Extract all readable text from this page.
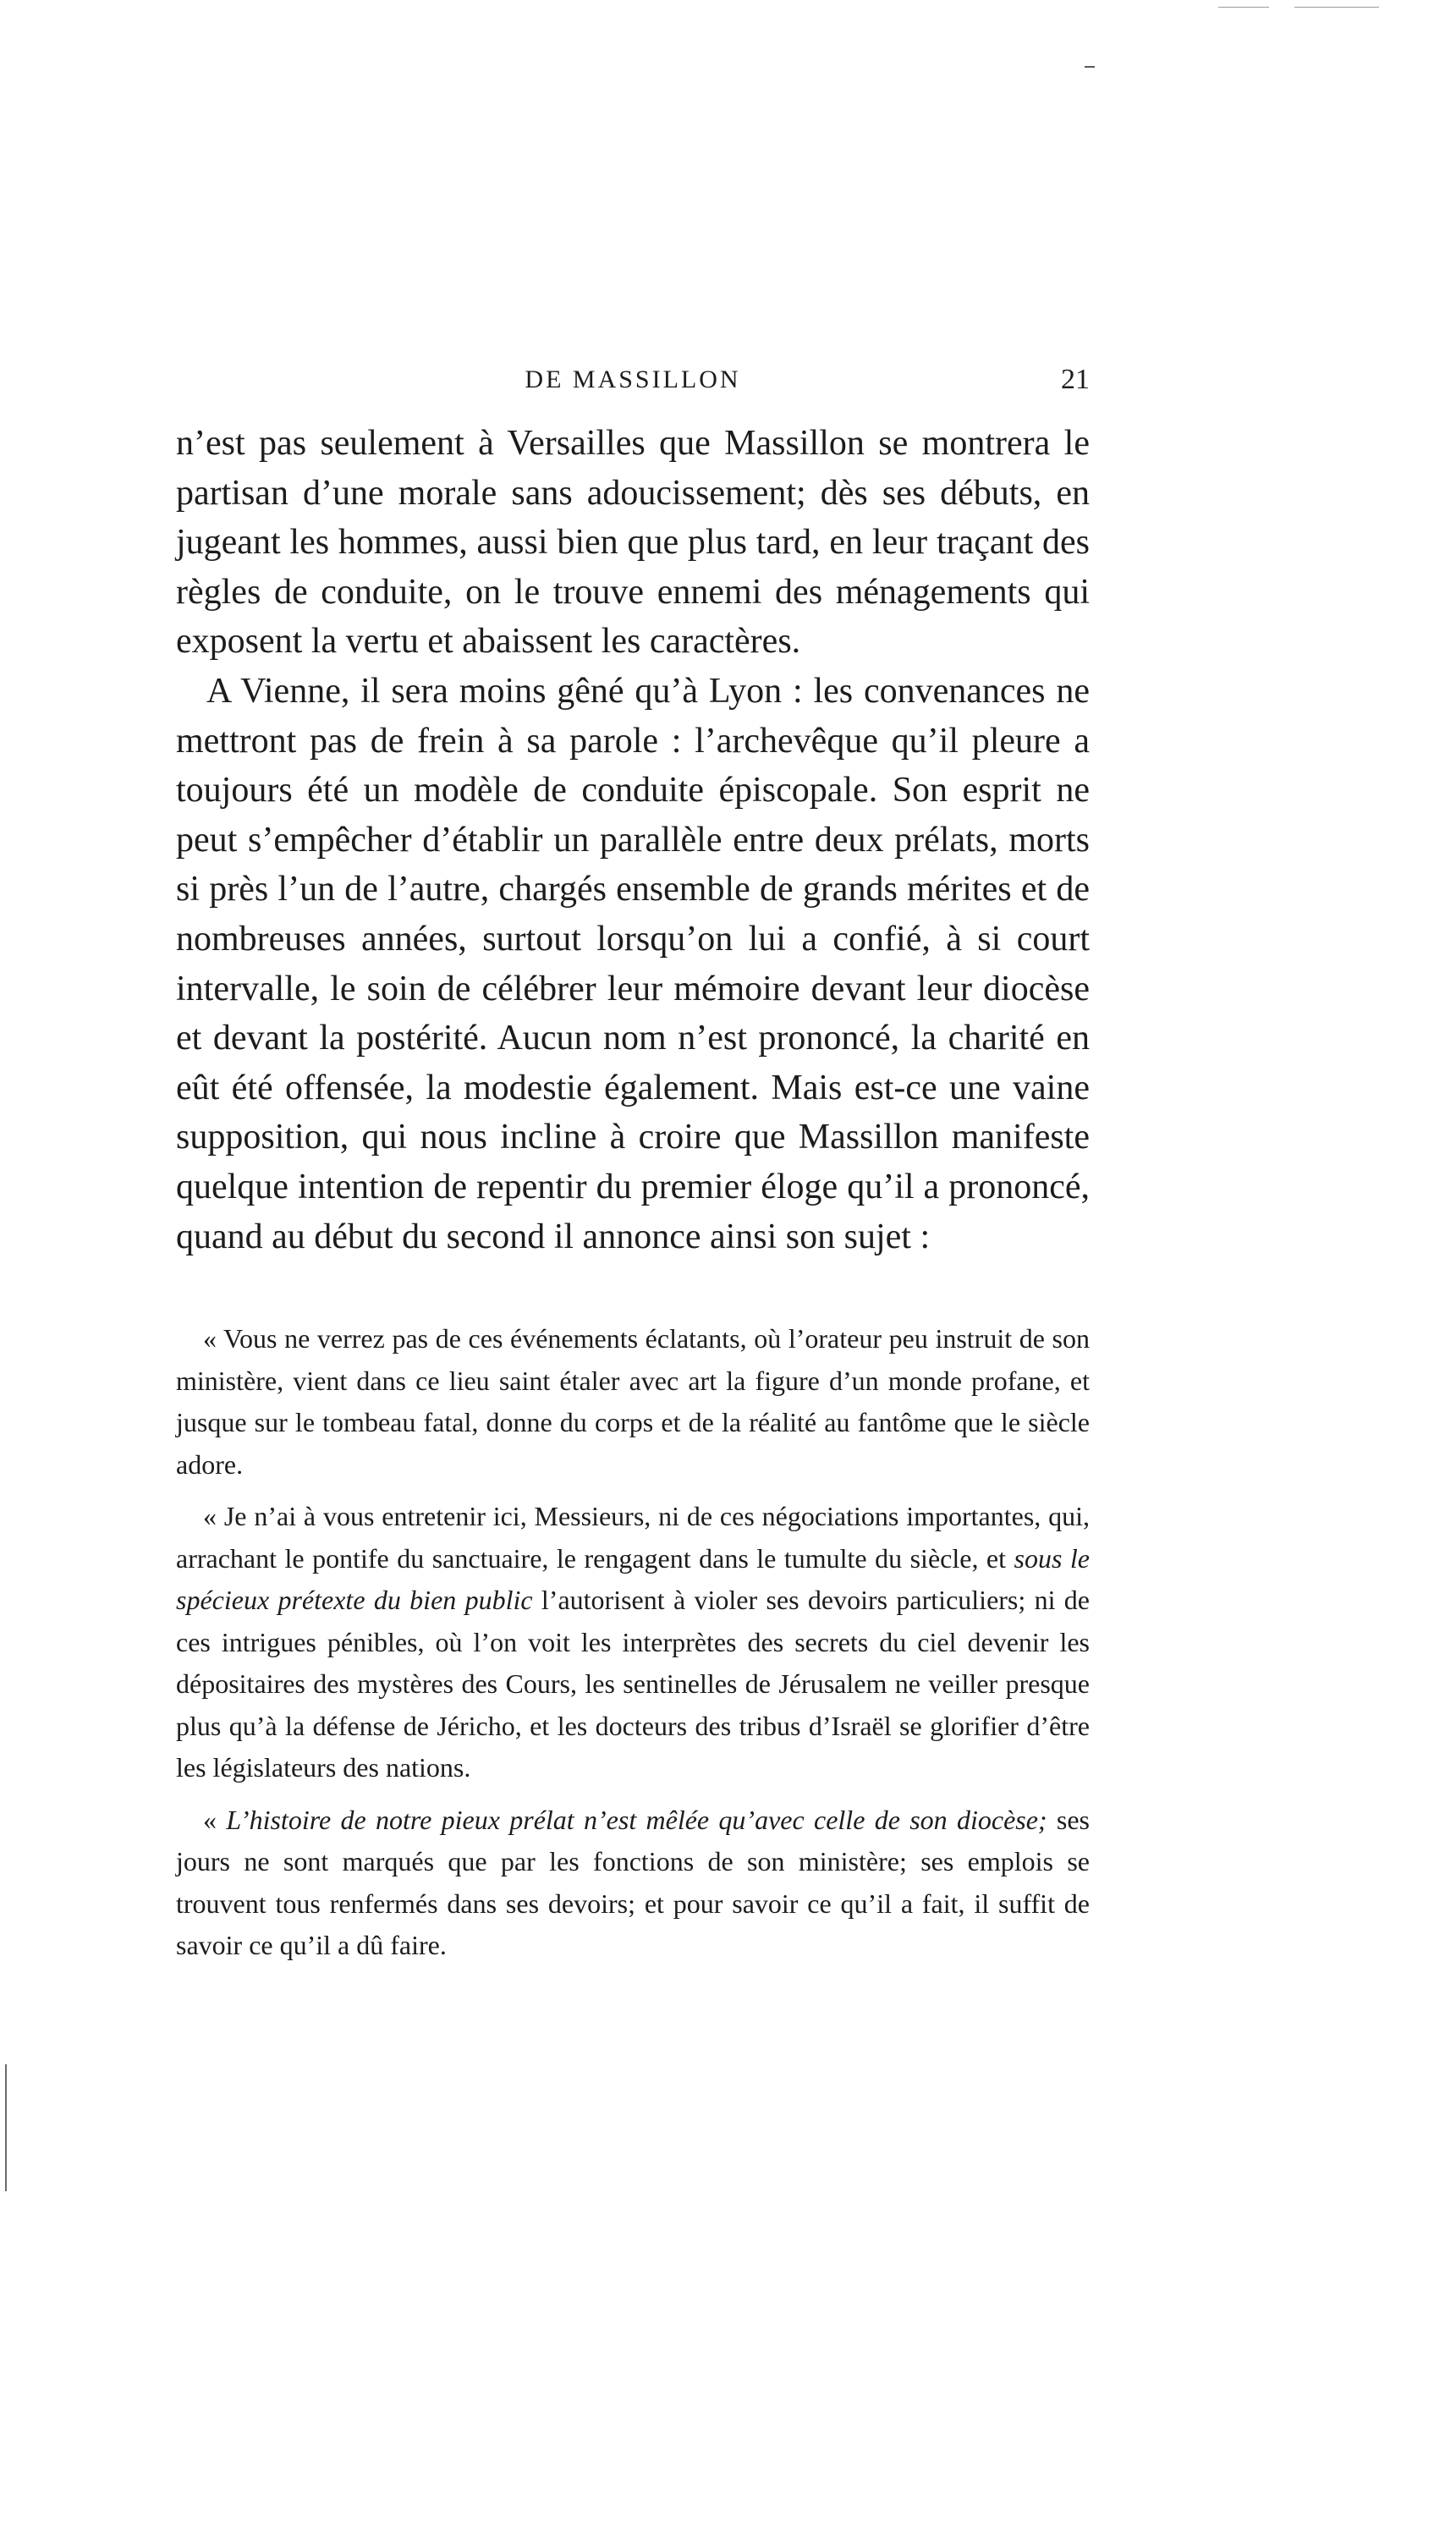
DE MASSILLON	21

n’est pas seulement à Versailles que Massillon se montrera le partisan d’une morale sans adoucissement; dès ses débuts, en jugeant les hommes, aussi bien que plus tard, en leur traçant des règles de conduite, on le trouve ennemi des ménagements qui exposent la vertu et abaissent les caractères.

A Vienne, il sera moins gêné qu’à Lyon : les convenances ne mettront pas de frein à sa parole : l’archevêque qu’il pleure a toujours été un modèle de conduite épiscopale. Son esprit ne peut s’empêcher d’établir un parallèle entre deux prélats, morts si près l’un de l’autre, chargés ensemble de grands mérites et de nombreuses années, surtout lorsqu’on lui a confié, à si court intervalle, le soin de célébrer leur mémoire devant leur diocèse et devant la postérité. Aucun nom n’est prononcé, la charité en eût été offensée, la modestie également. Mais est-ce une vaine supposition, qui nous incline à croire que Massillon manifeste quelque intention de repentir du premier éloge qu’il a prononcé, quand au début du second il annonce ainsi son sujet :

« Vous ne verrez pas de ces événements éclatants, où l’orateur peu instruit de son ministère, vient dans ce lieu saint étaler avec art la figure d’un monde profane, et jusque sur le tombeau fatal, donne du corps et de la réalité au fantôme que le siècle adore.

« Je n’ai à vous entretenir ici, Messieurs, ni de ces négociations importantes, qui, arrachant le pontife du sanctuaire, le rengagent dans le tumulte du siècle, et sous le spécieux prétexte du bien public l’autorisent à violer ses devoirs particuliers; ni de ces intrigues pénibles, où l’on voit les interprètes des secrets du ciel devenir les dépositaires des mystères des Cours, les sentinelles de Jérusalem ne veiller presque plus qu’à la défense de Jéricho, et les docteurs des tribus d’Israël se glorifier d’être les législateurs des nations.

« L’histoire de notre pieux prélat n’est mêlée qu’avec celle de son diocèse; ses jours ne sont marqués que par les fonctions de son ministère; ses emplois se trouvent tous renfermés dans ses devoirs; et pour savoir ce qu’il a fait, il suffit de savoir ce qu’il a dû faire.
